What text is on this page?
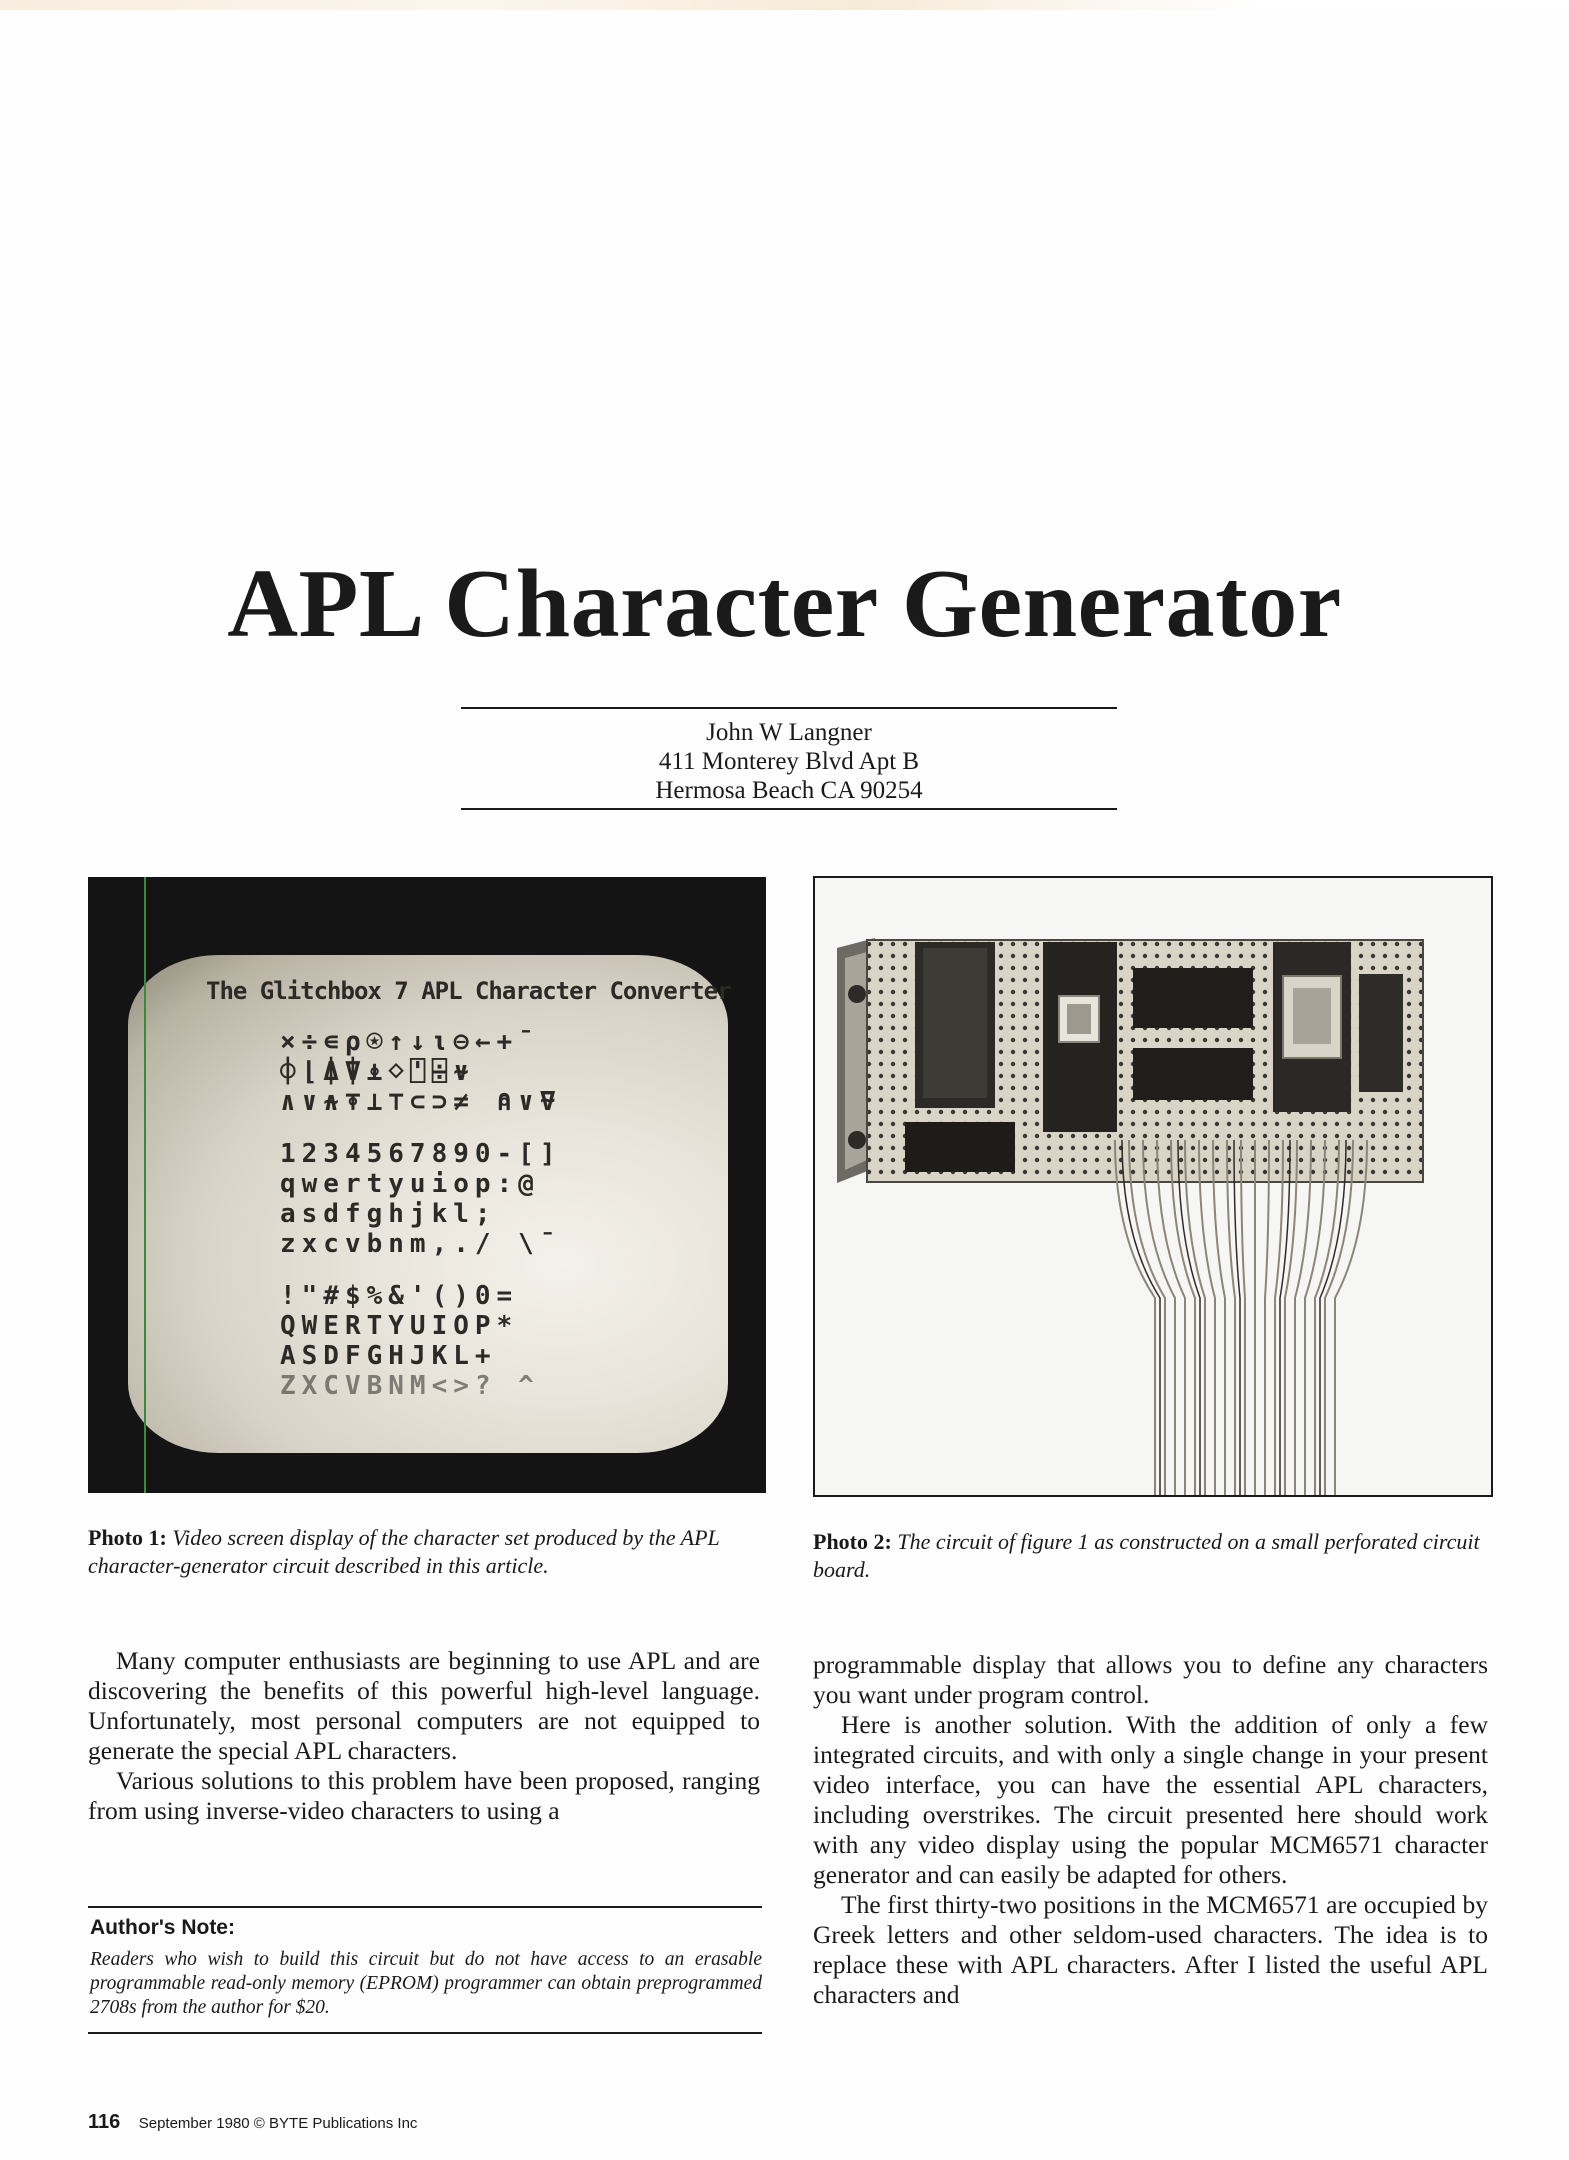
APL Character Generator
John W Langner
411 Monterey Blvd Apt B
Hermosa Beach CA 90254
The Glitchbox 7 APL Character Converter
×÷∊⍴⍟↑↓⍳⊖←+¯
⌽⌊⍋⍒⍎⋄⍞⌹⍱
∧∨⍲⍕⊥⊤⊂⊃≠ ⍝∨⍫
1234567890-[]
qwertyuiop:@
asdfghjkl;
zxcvbnm,./ \¯
!"#$%&'()0=
QWERTYUIOP*
ASDFGHJKL+
ZXCVBNM<>? ^
Photo 1: Video screen display of the character set produced by the APL character-generator circuit described in this article.
Photo 2: The circuit of figure 1 as constructed on a small perforated circuit board.

Many computer enthusiasts are beginning to use APL and are discovering the benefits of this powerful high-level language. Unfortunately, most personal computers are not equipped to generate the special APL characters.

Various solutions to this problem have been proposed, ranging from using inverse-video characters to using a

programmable display that allows you to define any characters you want under program control.

Here is another solution. With the addition of only a few integrated circuits, and with only a single change in your present video interface, you can have the essential APL characters, including overstrikes. The circuit presented here should work with any video display using the popular MCM6571 character generator and can easily be adapted for others.

The first thirty-two positions in the MCM6571 are occupied by Greek letters and other seldom-used characters. The idea is to replace these with APL characters. After I listed the useful APL characters and

Author's Note:
Readers who wish to build this circuit but do not have access to an erasable programmable read-only memory (EPROM) programmer can obtain preprogrammed 2708s from the author for $20.
116 September 1980 © BYTE Publications Inc
